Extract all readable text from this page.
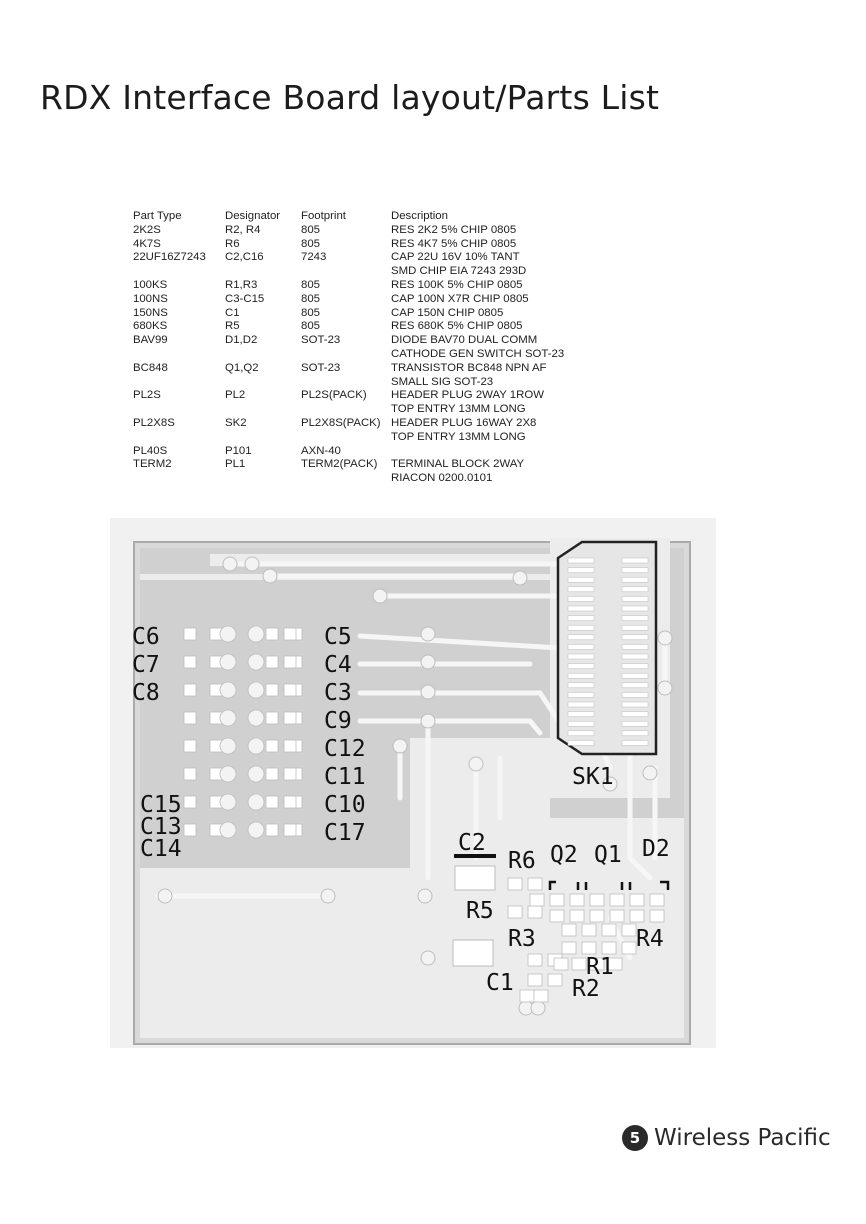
RDX Interface Board layout/Parts List
Part Type	Designator	Footprint	Description
2K2S	R2, R4	805	RES 2K2 5% CHIP 0805

4K7S	R6	805	RES 4K7 5% CHIP 0805

22UF16Z7243	C2,C16	7243	CAP 22U 16V 10% TANT
SMD CHIP EIA 7243 293D

100KS	R1,R3	805	RES 100K 5% CHIP 0805

100NS	C3-C15	805	CAP 100N X7R CHIP 0805

150NS	C1	805	CAP 150N CHIP 0805

680KS	R5	805	RES 680K 5% CHIP 0805

BAV99	D1,D2	SOT-23	DIODE BAV70 DUAL COMM
CATHODE GEN SWITCH SOT-23

BC848	Q1,Q2	SOT-23	TRANSISTOR BC848 NPN AF
SMALL SIG SOT-23

PL2S	PL2	PL2S(PACK)	HEADER PLUG 2WAY 1ROW
TOP ENTRY 13MM LONG

PL2X8S	SK2	PL2X8S(PACK)	HEADER PLUG 16WAY 2X8
TOP ENTRY 13MM LONG

PL40S	P101	AXN-40	

TERM2	PL1	TERM2(PACK)	TERMINAL BLOCK 2WAY
RIACON 0200.0101
C6
C7
C8
C15
C13
C14
C5
C4
C3
C9
C12
C11
C10
C17
SK1
C2
R6 Q2 Q1 D2
R5
R3	R4
R1
C1	R2
5 Wireless Pacific
